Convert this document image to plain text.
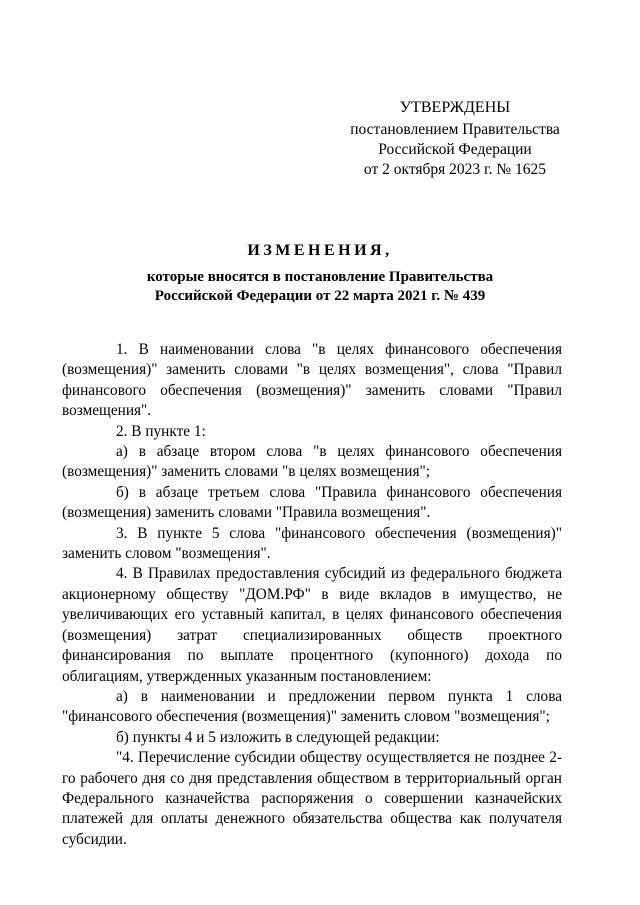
УТВЕРЖДЕНЫ
постановлением Правительства
Российской Федерации
от 2 октября 2023 г. № 1625
ИЗМЕНЕНИЯ,
которые вносятся в постановление Правительства
Российской Федерации от 22 марта 2021 г. № 439

1. В наименовании слова "в целях финансового обеспечения (возмещения)" заменить словами "в целях возмещения", слова "Правил финансового обеспечения (возмещения)" заменить словами "Правил возмещения".

2. В пункте 1:

а) в абзаце втором слова "в целях финансового обеспечения (возмещения)" заменить словами "в целях возмещения";

б) в абзаце третьем слова "Правила финансового обеспечения (возмещения) заменить словами "Правила возмещения".

3. В пункте 5 слова "финансового обеспечения (возмещения)" заменить словом "возмещения".

4. В Правилах предоставления субсидий из федерального бюджета акционерному обществу "ДОМ.РФ" в виде вкладов в имущество, не увеличивающих его уставный капитал, в целях финансового обеспечения (возмещения) затрат специализированных обществ проектного финансирования по выплате процентного (купонного) дохода по облигациям, утвержденных указанным постановлением:

а) в наименовании и предложении первом пункта 1 слова "финансового обеспечения (возмещения)" заменить словом "возмещения";

б) пункты 4 и 5 изложить в следующей редакции:

"4. Перечисление субсидии обществу осуществляется не позднее 2-го рабочего дня со дня представления обществом в территориальный орган Федерального казначейства распоряжения о совершении казначейских платежей для оплаты денежного обязательства общества как получателя субсидии.
